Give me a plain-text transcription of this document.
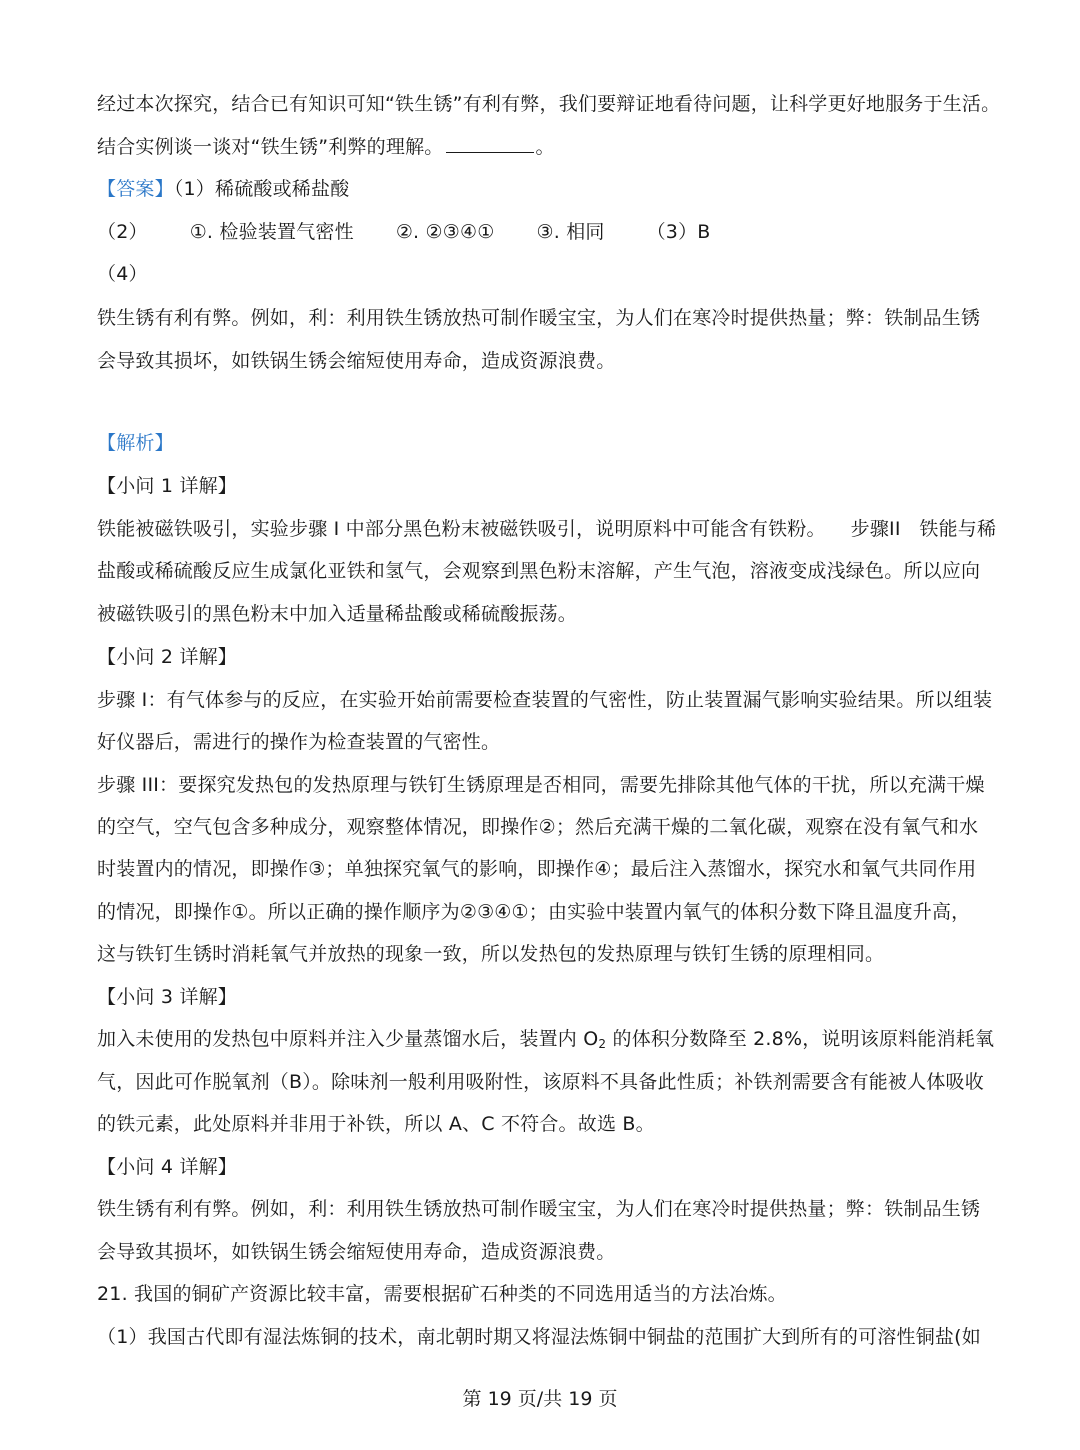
经过本次探究，结合已有知识可知“铁生锈”有利有弊，我们要辩证地看待问题，让科学更好地服务于生活。
结合实例谈一谈对“铁生锈”利弊的理解。	。
【答案】（1）稀硫酸或稀盐酸
（2） ①. 检验装置气密性 ②. ②③④① ③. 相同 （3）B
（4）
铁生锈有利有弊。例如，利：利用铁生锈放热可制作暖宝宝，为人们在寒冷时提供热量；弊：铁制品生锈
会导致其损坏，如铁锅生锈会缩短使用寿命，造成资源浪费。
【解析】
【小问 1 详解】
铁能被磁铁吸引，实验步骤 I 中部分黑色粉末被磁铁吸引，说明原料中可能含有铁粉。    步骤II   铁能与稀
盐酸或稀硫酸反应生成氯化亚铁和氢气，会观察到黑色粉末溶解，产生气泡，溶液变成浅绿色。所以应向
被磁铁吸引的黑色粉末中加入适量稀盐酸或稀硫酸振荡。
【小问 2 详解】
步骤 I：有气体参与的反应，在实验开始前需要检查装置的气密性，防止装置漏气影响实验结果。所以组装
好仪器后，需进行的操作为检查装置的气密性。
步骤 III：要探究发热包的发热原理与铁钉生锈原理是否相同，需要先排除其他气体的干扰，所以充满干燥
的空气，空气包含多种成分，观察整体情况，即操作②；然后充满干燥的二氧化碳，观察在没有氧气和水
时装置内的情况，即操作③；单独探究氧气的影响，即操作④；最后注入蒸馏水，探究水和氧气共同作用
的情况，即操作①。所以正确的操作顺序为②③④①；由实验中装置内氧气的体积分数下降且温度升高，
这与铁钉生锈时消耗氧气并放热的现象一致，所以发热包的发热原理与铁钉生锈的原理相同。
【小问 3 详解】
加入未使用的发热包中原料并注入少量蒸馏水后，装置内 $O_2$ 的体积分数降至 2.8%，说明该原料能消耗氧
气，因此可作脱氧剂（B）。除味剂一般利用吸附性，该原料不具备此性质；补铁剂需要含有能被人体吸收
的铁元素，此处原料并非用于补铁，所以 A、C 不符合。故选 B。
【小问 4 详解】
铁生锈有利有弊。例如，利：利用铁生锈放热可制作暖宝宝，为人们在寒冷时提供热量；弊：铁制品生锈
会导致其损坏，如铁锅生锈会缩短使用寿命，造成资源浪费。
21. 我国的铜矿产资源比较丰富，需要根据矿石种类的不同选用适当的方法冶炼。
（1）我国古代即有湿法炼铜的技术，南北朝时期又将湿法炼铜中铜盐的范围扩大到所有的可溶性铜盐(如
第 19 页/共 19 页
